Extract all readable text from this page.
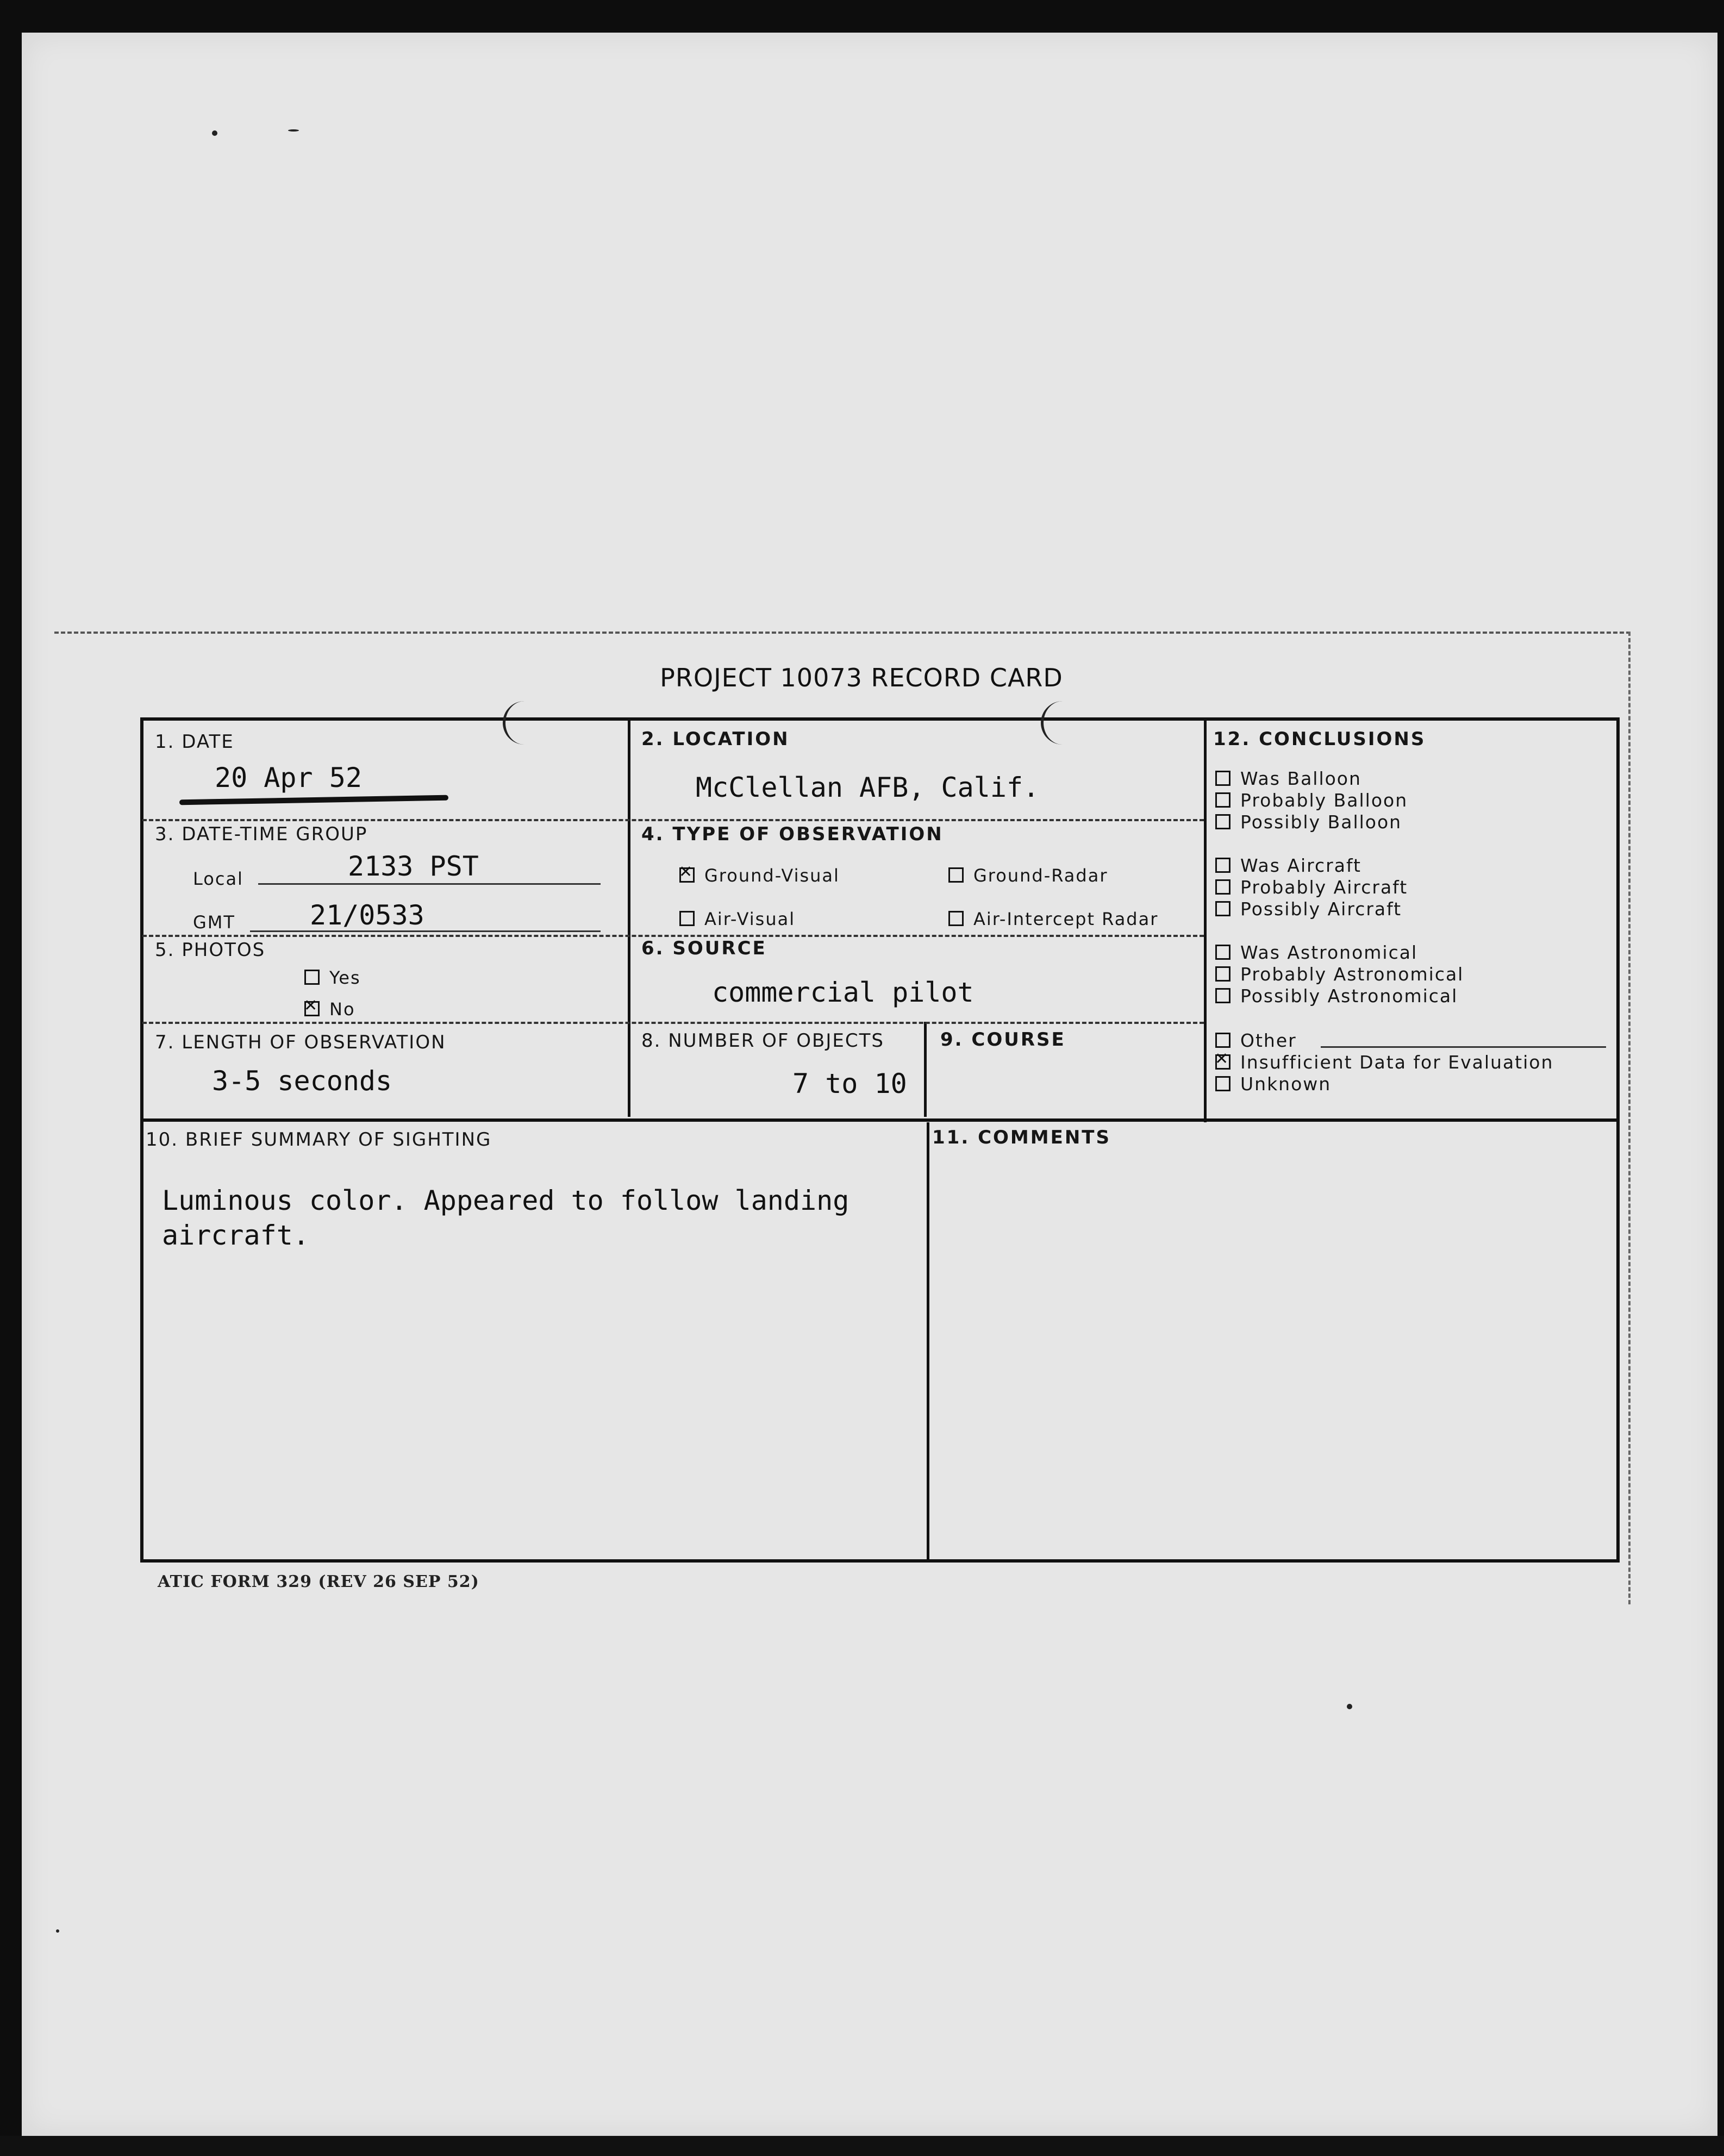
PROJECT 10073 RECORD CARD
1. DATE
20 Apr 52
2. LOCATION
McClellan AFB, Calif.
3. DATE-TIME GROUP
Local	2133 PST
GMT	21/0533
4. TYPE OF OBSERVATION
✕Ground-Visual	Ground-Radar
Air-Visual	Air-Intercept Radar
5. PHOTOS
Yes
✕No
6. SOURCE
commercial pilot
7. LENGTH OF OBSERVATION
3-5 seconds
8. NUMBER OF OBJECTS
7 to 10
9. COURSE
10. BRIEF SUMMARY OF SIGHTING
Luminous color. Appeared to follow landing
aircraft.
11. COMMENTS
12. CONCLUSIONS
Was Balloon
Probably Balloon
Possibly Balloon
Was Aircraft
Probably Aircraft
Possibly Aircraft
Was Astronomical
Probably Astronomical
Possibly Astronomical
Other
✕Insufficient Data for Evaluation
Unknown
ATIC FORM 329 (REV 26 SEP 52)
